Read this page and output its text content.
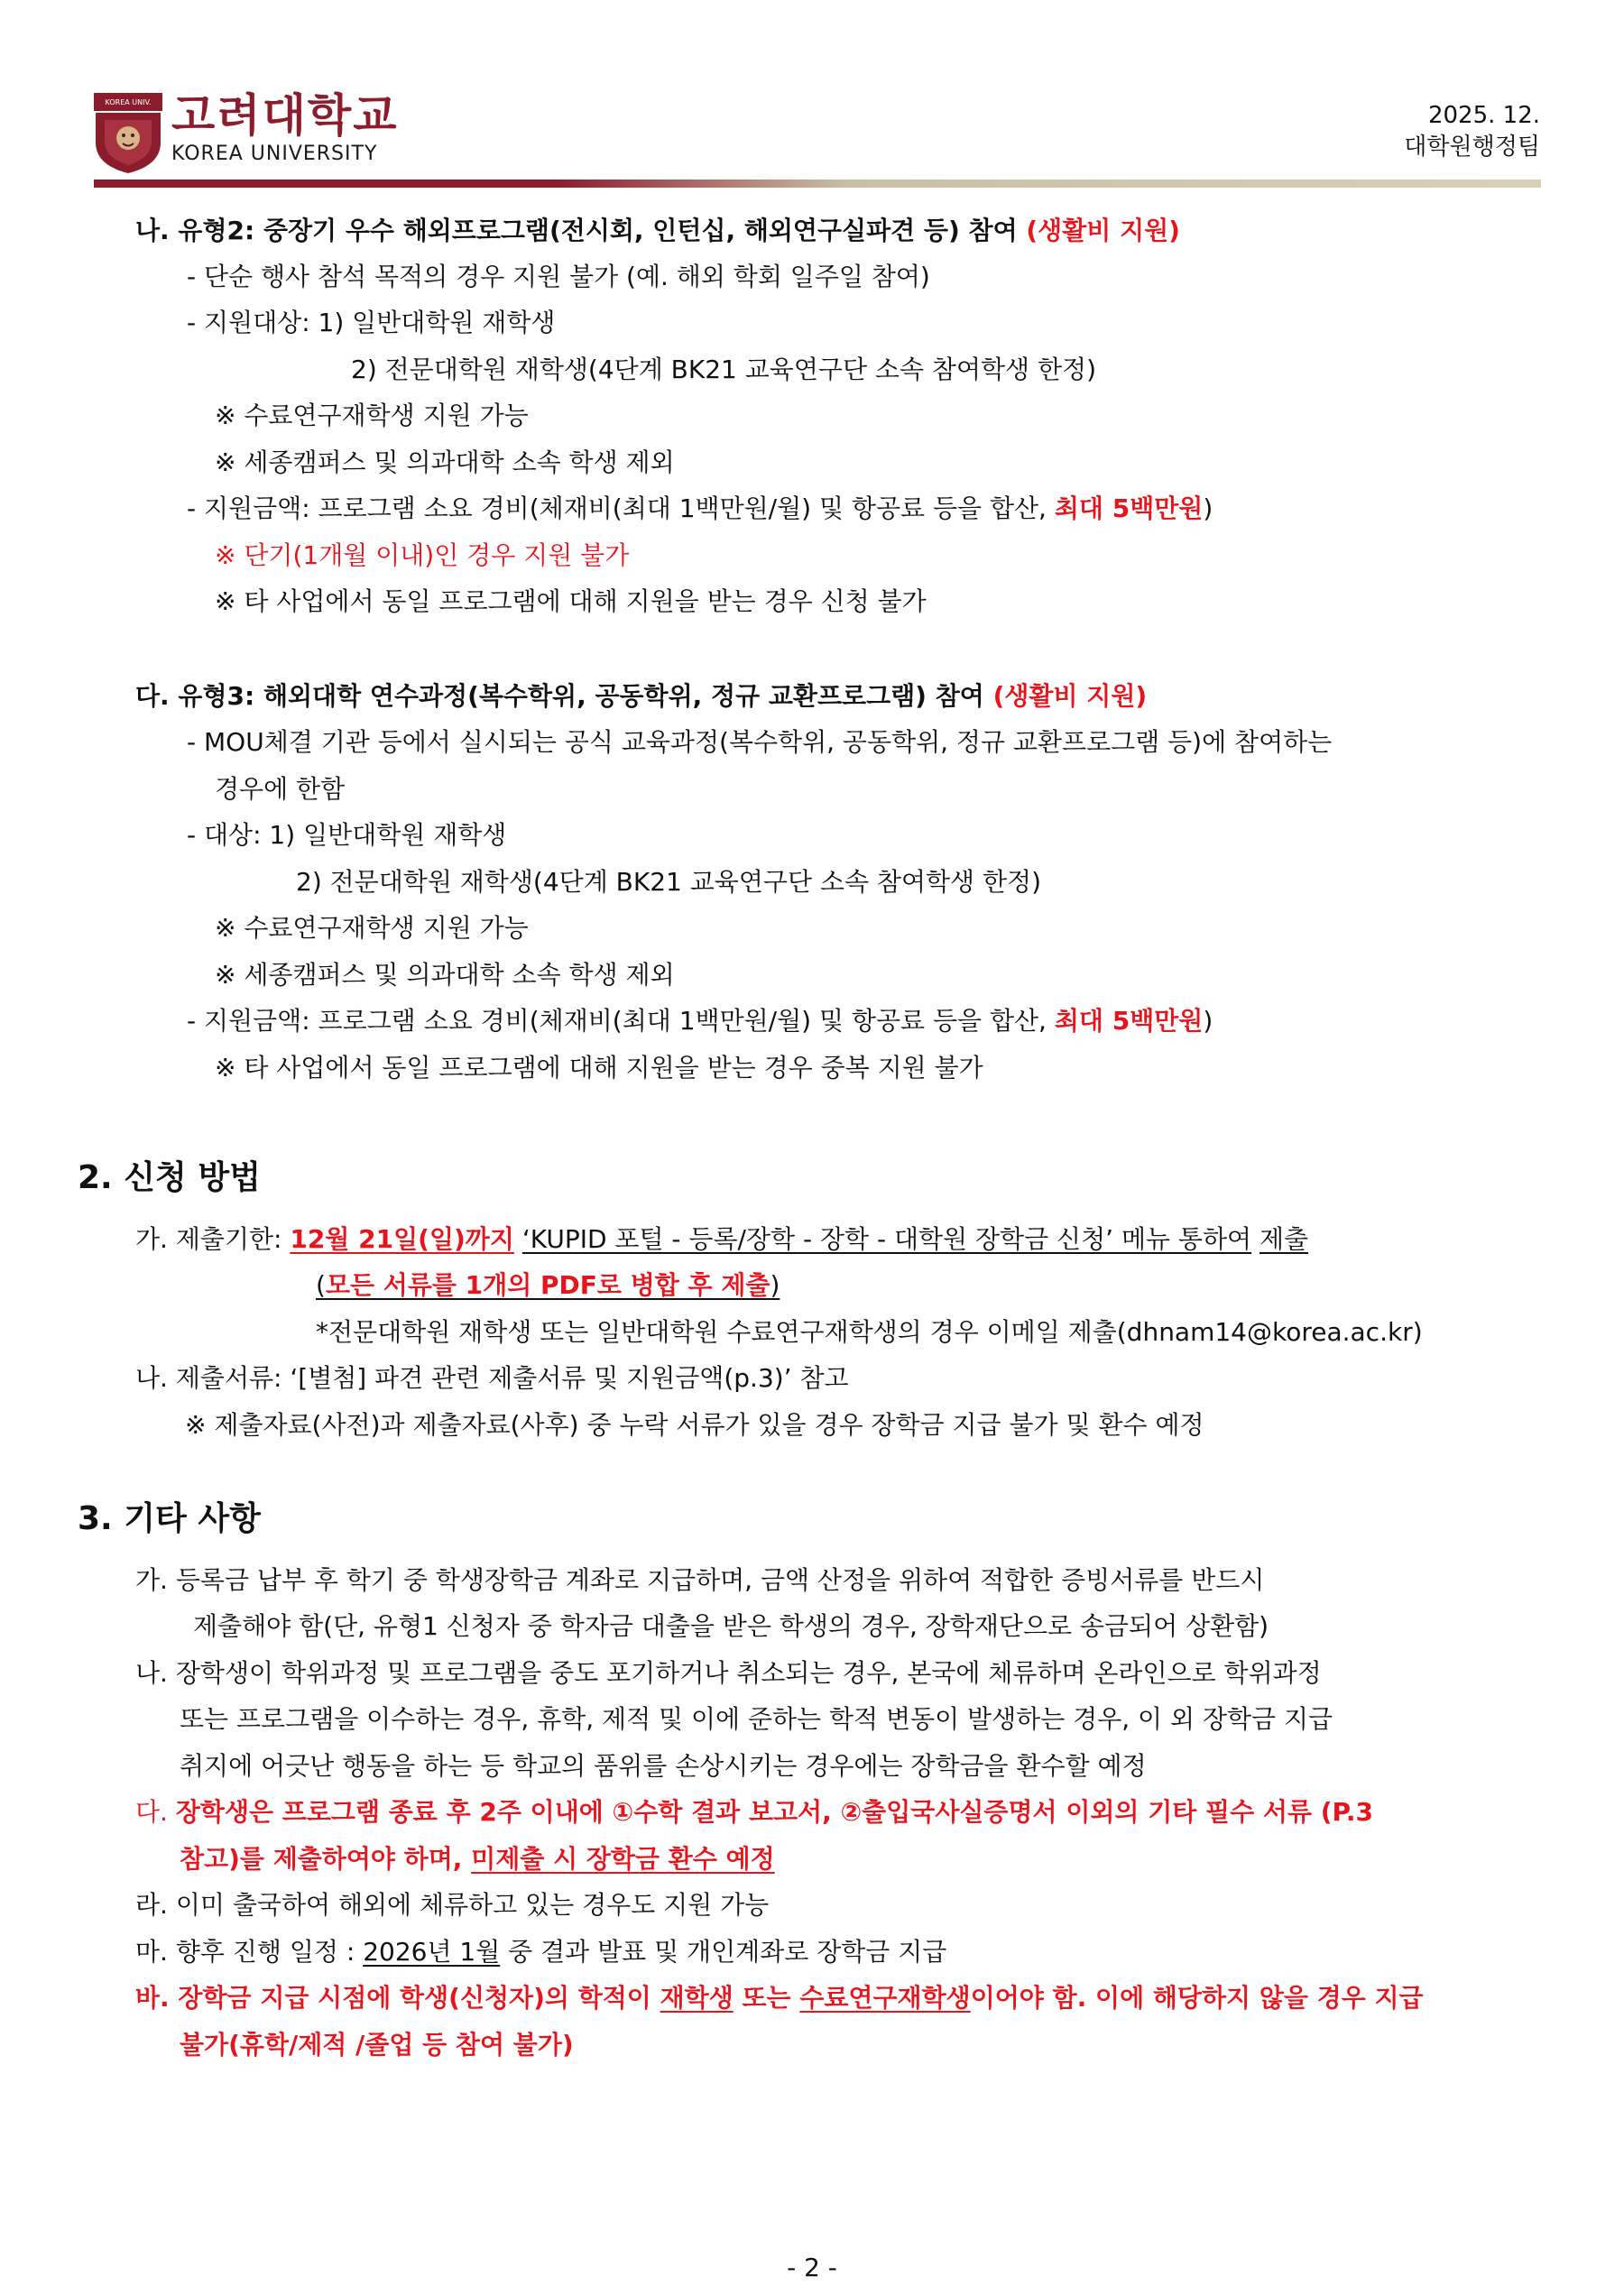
KOREA UNIV. 고려대학교
KOREA UNIVERSITY
2025. 12.
대학원행정팀
나. 유형2: 중장기 우수 해외프로그램(전시회, 인턴십, 해외연구실파견 등) 참여 (생활비 지원)
- 단순 행사 참석 목적의 경우 지원 불가 (예. 해외 학회 일주일 참여)
- 지원대상: 1) 일반대학원 재학생
2) 전문대학원 재학생(4단계 BK21 교육연구단 소속 참여학생 한정)
※ 수료연구재학생 지원 가능
※ 세종캠퍼스 및 의과대학 소속 학생 제외
- 지원금액: 프로그램 소요 경비(체재비(최대 1백만원/월) 및 항공료 등을 합산, 최대 5백만원)
※ 단기(1개월 이내)인 경우 지원 불가
※ 타 사업에서 동일 프로그램에 대해 지원을 받는 경우 신청 불가
다. 유형3: 해외대학 연수과정(복수학위, 공동학위, 정규 교환프로그램) 참여 (생활비 지원)
- MOU체결 기관 등에서 실시되는 공식 교육과정(복수학위, 공동학위, 정규 교환프로그램 등)에 참여하는
경우에 한함
- 대상: 1) 일반대학원 재학생
2) 전문대학원 재학생(4단계 BK21 교육연구단 소속 참여학생 한정)
※ 수료연구재학생 지원 가능
※ 세종캠퍼스 및 의과대학 소속 학생 제외
- 지원금액: 프로그램 소요 경비(체재비(최대 1백만원/월) 및 항공료 등을 합산, 최대 5백만원)
※ 타 사업에서 동일 프로그램에 대해 지원을 받는 경우 중복 지원 불가
2. 신청 방법
가. 제출기한: 12월 21일(일)까지 ‘KUPID 포털 - 등록/장학 - 장학 - 대학원 장학금 신청’ 메뉴 통하여 제출
(모든 서류를 1개의 PDF로 병합 후 제출)
*전문대학원 재학생 또는 일반대학원 수료연구재학생의 경우 이메일 제출(dhnam14@korea.ac.kr)
나. 제출서류: ‘[별첨] 파견 관련 제출서류 및 지원금액(p.3)’ 참고
※ 제출자료(사전)과 제출자료(사후) 중 누락 서류가 있을 경우 장학금 지급 불가 및 환수 예정
3. 기타 사항
가. 등록금 납부 후 학기 중 학생장학금 계좌로 지급하며, 금액 산정을 위하여 적합한 증빙서류를 반드시
제출해야 함(단, 유형1 신청자 중 학자금 대출을 받은 학생의 경우, 장학재단으로 송금되어 상환함)
나. 장학생이 학위과정 및 프로그램을 중도 포기하거나 취소되는 경우, 본국에 체류하며 온라인으로 학위과정
또는 프로그램을 이수하는 경우, 휴학, 제적 및 이에 준하는 학적 변동이 발생하는 경우, 이 외 장학금 지급
취지에 어긋난 행동을 하는 등 학교의 품위를 손상시키는 경우에는 장학금을 환수할 예정
다. 장학생은 프로그램 종료 후 2주 이내에 ①수학 결과 보고서, ②출입국사실증명서 이외의 기타 필수 서류 (P.3
참고)를 제출하여야 하며, 미제출 시 장학금 환수 예정
라. 이미 출국하여 해외에 체류하고 있는 경우도 지원 가능
마. 향후 진행 일정 : 2026년 1월 중 결과 발표 및 개인계좌로 장학금 지급
바. 장학금 지급 시점에 학생(신청자)의 학적이 재학생 또는 수료연구재학생이어야 함. 이에 해당하지 않을 경우 지급
불가(휴학/제적 /졸업 등 참여 불가)
- 2 -
